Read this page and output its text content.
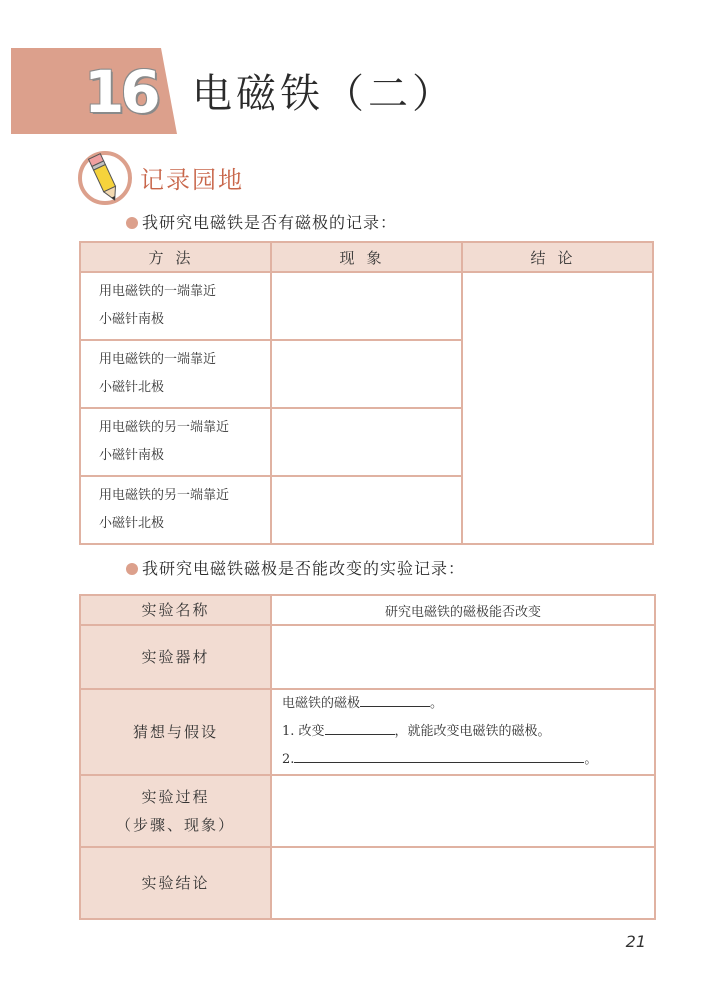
16 电磁铁（二）
记录园地
我研究电磁铁是否有磁极的记录：
方法	现象	结论

用电磁铁的一端靠近
小磁针南极		

用电磁铁的一端靠近
小磁针北极		

用电磁铁的另一端靠近
小磁针南极		

用电磁铁的另一端靠近
小磁针北极		

我研究电磁铁磁极是否能改变的实验记录：
实验名称	研究电磁铁的磁极能否改变
实验器材	
猜想与假设	电磁铁的磁极 。
1. 改变 ，就能改变电磁铁的磁极。
2. 。

实验过程
（步骤、现象）	

实验结论	
21
